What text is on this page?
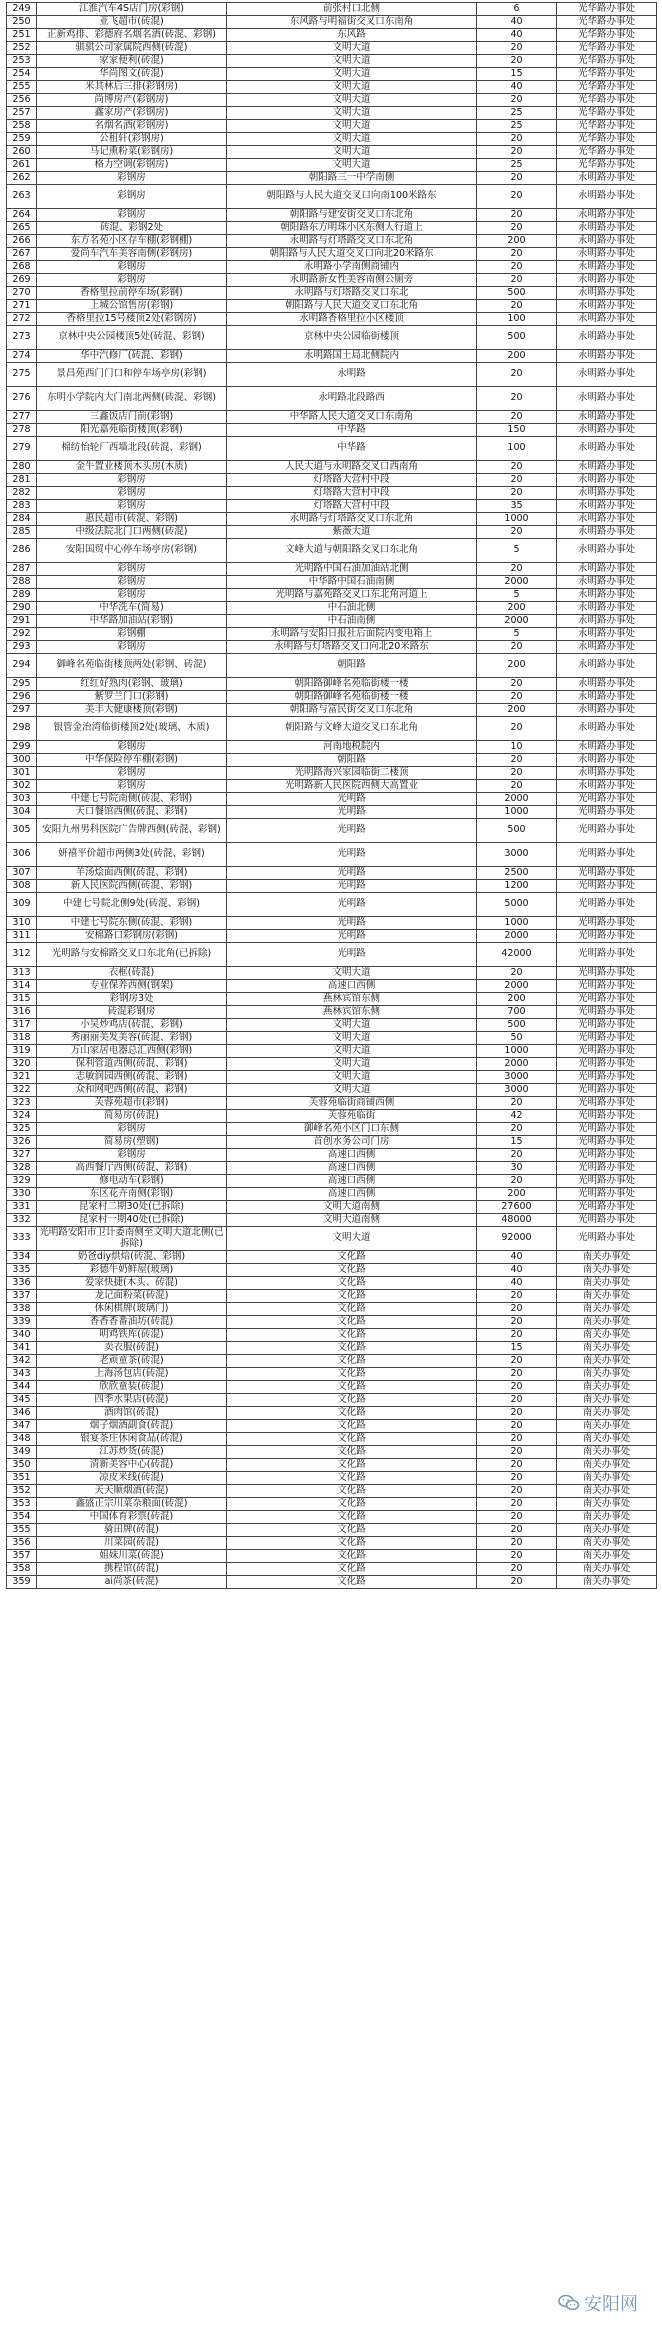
249	江淮汽车4S店门房(彩钢)	前张村口北侧	6	光华路办事处
250	亚飞超市(砖混)	东风路与明福街交叉口东南角	40	光华路办事处
251	正新鸡排、彩德府名烟名酒(砖混、彩钢)	东风路	40	光华路办事处
252	骐骐公司家属院西侧(砖混)	文明大道	20	光华路办事处
253	家家便利(砖混)	文明大道	20	光华路办事处
254	华尚图文(砖混)	文明大道	15	光华路办事处
255	米其林后三排(彩钢房)	文明大道	40	光华路办事处
256	尚博房产(彩钢房)	文明大道	20	光华路办事处
257	鑫家房产(彩钢房)	文明大道	25	光华路办事处
258	名烟名酒(彩钢房)	文明大道	25	光华路办事处
259	公租轩(彩钢房)	文明大道	20	光华路办事处
260	马记熏粉菜(彩钢房)	文明大道	20	光华路办事处
261	格力空调(彩钢房)	文明大道	25	光华路办事处
262	彩钢房	朝阳路三一中学南侧	20	永明路办事处
263	彩钢房	朝阳路与人民大道交叉口向南100米路东	20	永明路办事处
264	彩钢房	朝阳路与建安街交叉口东北角	20	永明路办事处
265	砖混、彩钢2处	朝阳路东方明珠小区东侧人行道上	20	永明路办事处
266	东方名苑小区存车棚(彩钢棚)	永明路与灯塔路交叉口东北角	200	永明路办事处
267	爱尚车汽车美容南侧(彩钢房)	朝阳路与人民大道交叉口向北20米路东	20	永明路办事处
268	彩钢房	永明路小学南侧商铺内	20	永明路办事处
269	彩钢房	永明路新女性美容南侧公厕旁	20	永明路办事处
270	香格里拉前停车场(彩钢)	永明路与灯塔路交叉口东北	500	永明路办事处
271	上城公馆售房(彩钢)	朝阳路与人民大道交叉口东北角	20	永明路办事处
272	香格里拉15号楼顶2处(彩钢房)	永明路香格里拉小区楼顶	100	永明路办事处
273	京林中央公园楼顶5处(砖混、彩钢)	京林中央公园临街楼顶	500	永明路办事处
274	华中汽修厂(砖混、彩钢)	永明路国土局北侧院内	200	永明路办事处
275	景昌苑西门门口和停车场亭房(彩钢)	永明路	20	永明路办事处
276	东明小学院内大门南北两侧(砖混、彩钢)	永明路北段路西	20	永明路办事处
277	三鑫饭店门前(彩钢)	中华路人民大道交叉口东南角	20	永明路办事处
278	阳光嘉苑临街楼顶(彩钢)	中华路	150	永明路办事处
279	棉纺怡轮厂西墙北段(砖混、彩钢)	中华路	100	永明路办事处
280	金牛置业楼顶木头房(木质)	人民大道与永明路交叉口西南角	20	永明路办事处
281	彩钢房	灯塔路大营村中段	20	永明路办事处
282	彩钢房	灯塔路大营村中段	20	永明路办事处
283	彩钢房	灯塔路大营村中段	35	永明路办事处
284	惠民超市(砖混、彩钢)	永明路与灯塔路交叉口东北角	1000	永明路办事处
285	中级法院北门口两侧(砖混)	紫薇大道	20	永明路办事处
286	安阳国贸中心停车场亭房(彩钢)	文峰大道与朝阳路交叉口东北角	5	永明路办事处
287	彩钢房	光明路中国石油加油站北侧	20	永明路办事处
288	彩钢房	中华路中国石油南侧	2000	永明路办事处
289	彩钢房	光明路与嘉苑路交叉口东北角河道上	5	永明路办事处
290	中华洗车(简易)	中石油北侧	200	永明路办事处
291	中华路加油站(彩钢)	中石油南侧	2000	永明路办事处
292	彩钢棚	永明路与安阳日报社后面院内变电箱上	5	永明路办事处
293	彩钢房	永明路与灯塔路交叉口向北20米路东	20	永明路办事处
294	御峰名苑临街楼顶两处(彩钢、砖混)	朝阳路	200	永明路办事处
295	红红好熟肉(彩钢、玻璃)	朝阳路御峰名苑临街楼一楼	20	永明路办事处
296	紫罗兰门口(彩钢)	朝阳路御峰名苑临街楼一楼	20	永明路办事处
297	美丰大健康楼顶(彩钢)	朝阳路与富民街交叉口东北角	200	永明路办事处
298	银管金治湾临街楼顶2处(玻璃、木质)	朝阳路与文峰大道交叉口东北角	20	永明路办事处
299	彩钢房	河南地税院内	10	永明路办事处
300	中华保险停车棚(彩钢)	朝阳路	20	永明路办事处
301	彩钢房	光明路海兴家园临街二楼顶	20	永明路办事处
302	彩钢房	光明路新人民医院西侧大高置业	20	永明路办事处
303	中建七号院南侧(砖混、彩钢)	光明路	2000	光明路办事处
304	天口餐馆西侧(砖混、彩钢)	光明路	1000	光明路办事处
305	安阳九州男科医院广告牌西侧(砖混、彩钢)	光明路	500	光明路办事处
306	妍禧平价超市两侧3处(砖混、彩钢)	光明路	3000	光明路办事处
307	羊汤烩面西侧(砖混、彩钢)	光明路	2500	光明路办事处
308	新人民医院西侧(砖混、彩钢)	光明路	1200	光明路办事处
309	中建七号院北侧9处(砖混、彩钢)	光明路	5000	光明路办事处
310	中建七号院东侧(砖混、彩钢)	光明路	1000	光明路办事处
311	安棉路口彩钢房(彩钢)	光明路	2000	光明路办事处
312	光明路与安棉路交叉口东北角(已拆除)	光明路	42000	光明路办事处
313	衣框(砖混)	文明大道	20	光明路办事处
314	专业保养西侧(钢架)	高速口西侧	2000	光明路办事处
315	彩钢房3处	燕林宾馆东侧	200	光明路办事处
316	砖混彩钢房	燕林宾馆东侧	700	光明路办事处
317	小吴炒鸡店(砖混、彩钢)	文明大道	500	光明路办事处
318	秀丽丽美发美容(砖混、彩钢)	文明大道	50	光明路办事处
319	万山家居电器总汇西侧(彩钢)	文明大道	1000	光明路办事处
320	保利管道西侧(砖混、彩钢)	文明大道	2000	光明路办事处
321	志敏润园西侧(砖混、彩钢)	文明大道	3000	光明路办事处
322	众和网吧西侧(砖混、彩钢)	文明大道	3000	光明路办事处
323	芙蓉苑超市(彩钢)	芙蓉苑临街商铺西侧	20	光明路办事处
324	简易房(砖混)	芙蓉苑临街	42	光明路办事处
325	彩钢房	御峰名苑小区门口东侧	20	光明路办事处
326	简易房(塑钢)	首创水务公司门房	15	光明路办事处
327	彩钢房	高速口西侧	20	光明路办事处
328	高西餐厅西侧(砖混、彩钢)	高速口西侧	30	光明路办事处
329	修电动车(彩钢)	高速口西侧	20	光明路办事处
330	东区花卉南侧(彩钢)	高速口西侧	200	光明路办事处
331	昆家村二期30处(已拆除)	文明大道南侧	27600	光明路办事处
332	昆家村一期40处(已拆除)	文明大道南侧	48000	光明路办事处
333	光明路安阳市卫计委南侧至文明大道北侧(已拆除)	文明大道	92000	光明路办事处
334	奶爸diy烘焙(砖混、彩钢)	文化路	40	南关办事处
335	彩德牛奶鲜屋(玻璃)	文化路	40	南关办事处
336	爱家快捷(木头、砖混)	文化路	40	南关办事处
337	龙记面粉菜(砖混)	文化路	20	南关办事处
338	休闲棋牌(玻璃门)	文化路	20	南关办事处
339	香香香番油坊(砖混)	文化路	20	南关办事处
340	明鸡铁库(砖混)	文化路	20	南关办事处
341	卖衣服(砖混)	文化路	15	南关办事处
342	老顽童茶(砖混)	文化路	20	南关办事处
343	上海汤包店(砖混)	文化路	20	南关办事处
344	欣欣童装(砖混)	文化路	20	南关办事处
345	四季水果店(砖混)	文化路	20	南关办事处
346	酒肉馆(砖混)	文化路	20	南关办事处
347	烟子烟酒副食(砖混)	文化路	20	南关办事处
348	银宴茶庄休闲食品(砖混)	文化路	20	南关办事处
349	江苏炒货(砖混)	文化路	20	南关办事处
350	清新美容中心(砖混)	文化路	20	南关办事处
351	凉皮米线(砖混)	文化路	20	南关办事处
352	天天顺烟酒(砖混)	文化路	20	南关办事处
353	鑫盛正宗川菜杂粮面(砖混)	文化路	20	南关办事处
354	中国体育彩票(砖混)	文化路	20	南关办事处
355	骑田牌(砖混)	文化路	20	南关办事处
356	川菜园(砖混)	文化路	20	南关办事处
357	姐妹川菜(砖混)	文化路	20	南关办事处
358	携程馆(砖混)	文化路	20	南关办事处
359	ai尚茶(砖混)	文化路	20	南关办事处
安阳网
